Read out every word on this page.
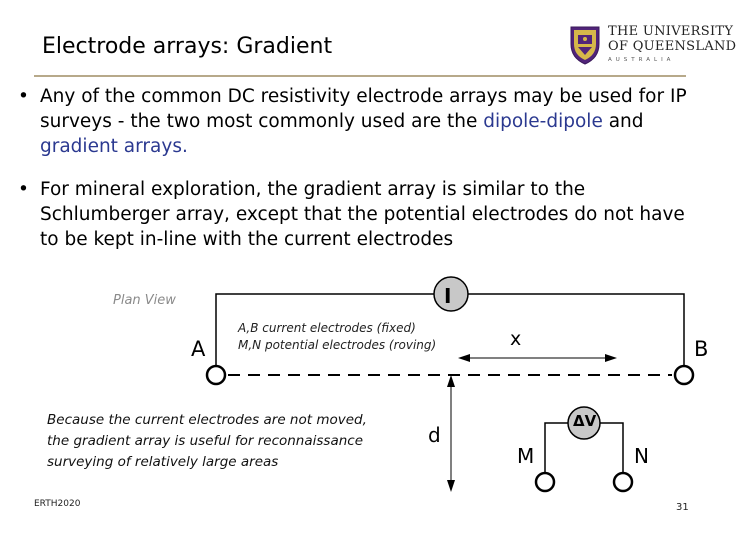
Electrode arrays: Gradient
THE UNIVERSITY
OF QUEENSLAND
AUSTRALIA
• Any of the common DC resistivity electrode arrays may be used for IP surveys - the two most commonly used are the dipole-dipole and gradient arrays.
• For mineral exploration, the gradient array is similar to the Schlumberger array, except that the potential electrodes do not have to be kept in-line with the current electrodes
Plan View	I
A	B
x
d
M	N
ΔV
A,B current electrodes (fixed)
M,N potential electrodes (roving)
Because the current electrodes are not moved,
the gradient array is useful for reconnaissance
surveying of relatively large areas
ERTH2020	31
